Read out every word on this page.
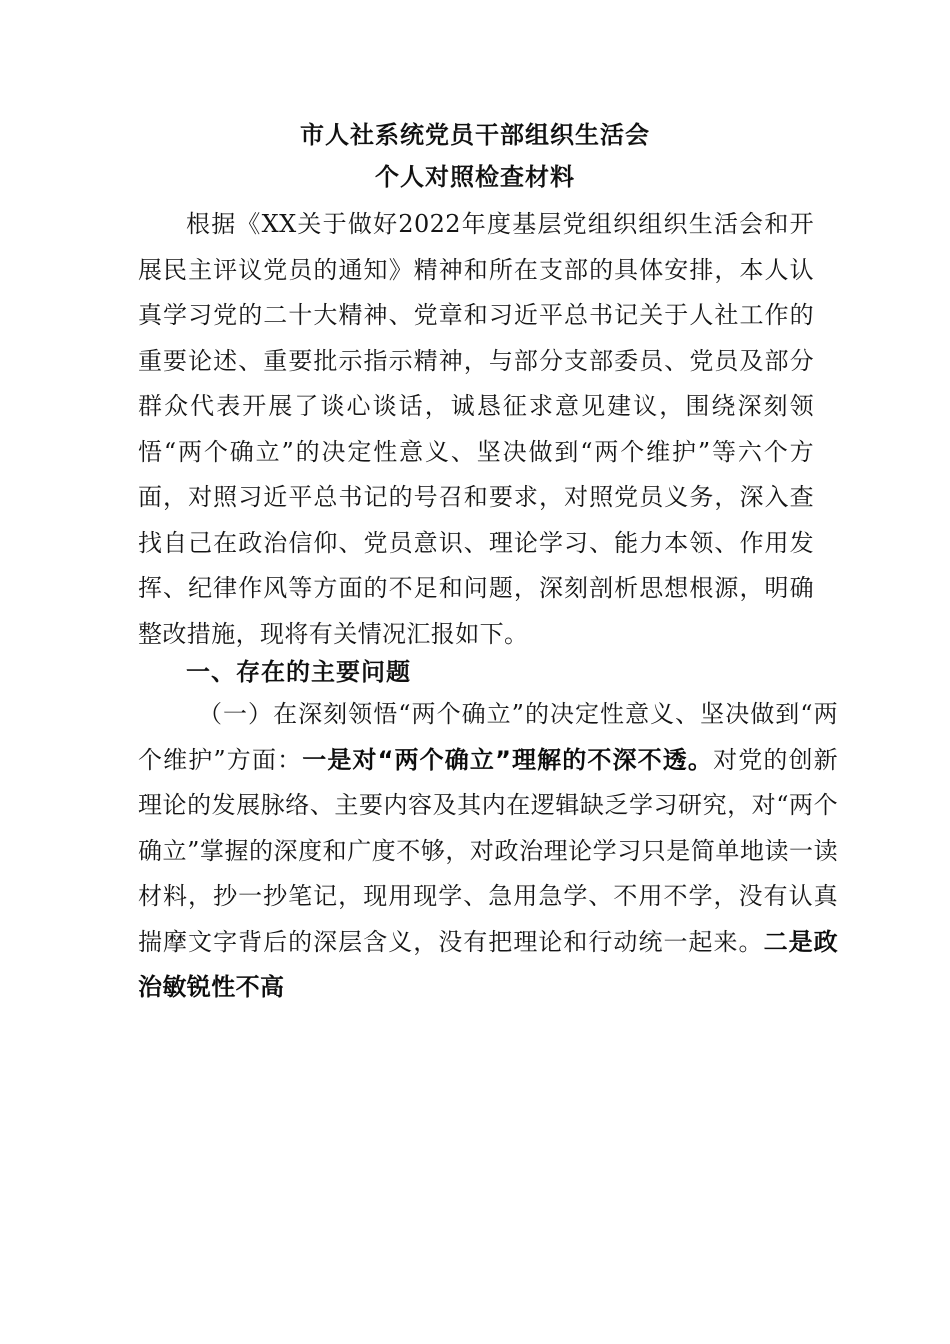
市人社系统党员干部组织生活会
个人对照检查材料

根据《XX关于做好2022年度基层党组织组织生活会和开展民主评议党员的通知》精神和所在支部的具体安排，本人认真学习党的二十大精神、党章和习近平总书记关于人社工作的重要论述、重要批示指示精神，与部分支部委员、党员及部分群众代表开展了谈心谈话，诚恳征求意见建议，围绕深刻领悟“两个确立”的决定性意义、坚决做到“两个维护”等六个方面，对照习近平总书记的号召和要求，对照党员义务，深入查找自己在政治信仰、党员意识、理论学习、能力本领、作用发挥、纪律作风等方面的不足和问题，深刻剖析思想根源，明确整改措施，现将有关情况汇报如下。

一、存在的主要问题

（一）在深刻领悟“两个确立”的决定性意义、坚决做到“两个维护”方面：一是对“两个确立”理解的不深不透。对党的创新理论的发展脉络、主要内容及其内在逻辑缺乏学习研究，对“两个确立”掌握的深度和广度不够，对政治理论学习只是简单地读一读材料，抄一抄笔记，现用现学、急用急学、不用不学，没有认真揣摩文字背后的深层含义，没有把理论和行动统一起来。二是政治敏锐性不高
